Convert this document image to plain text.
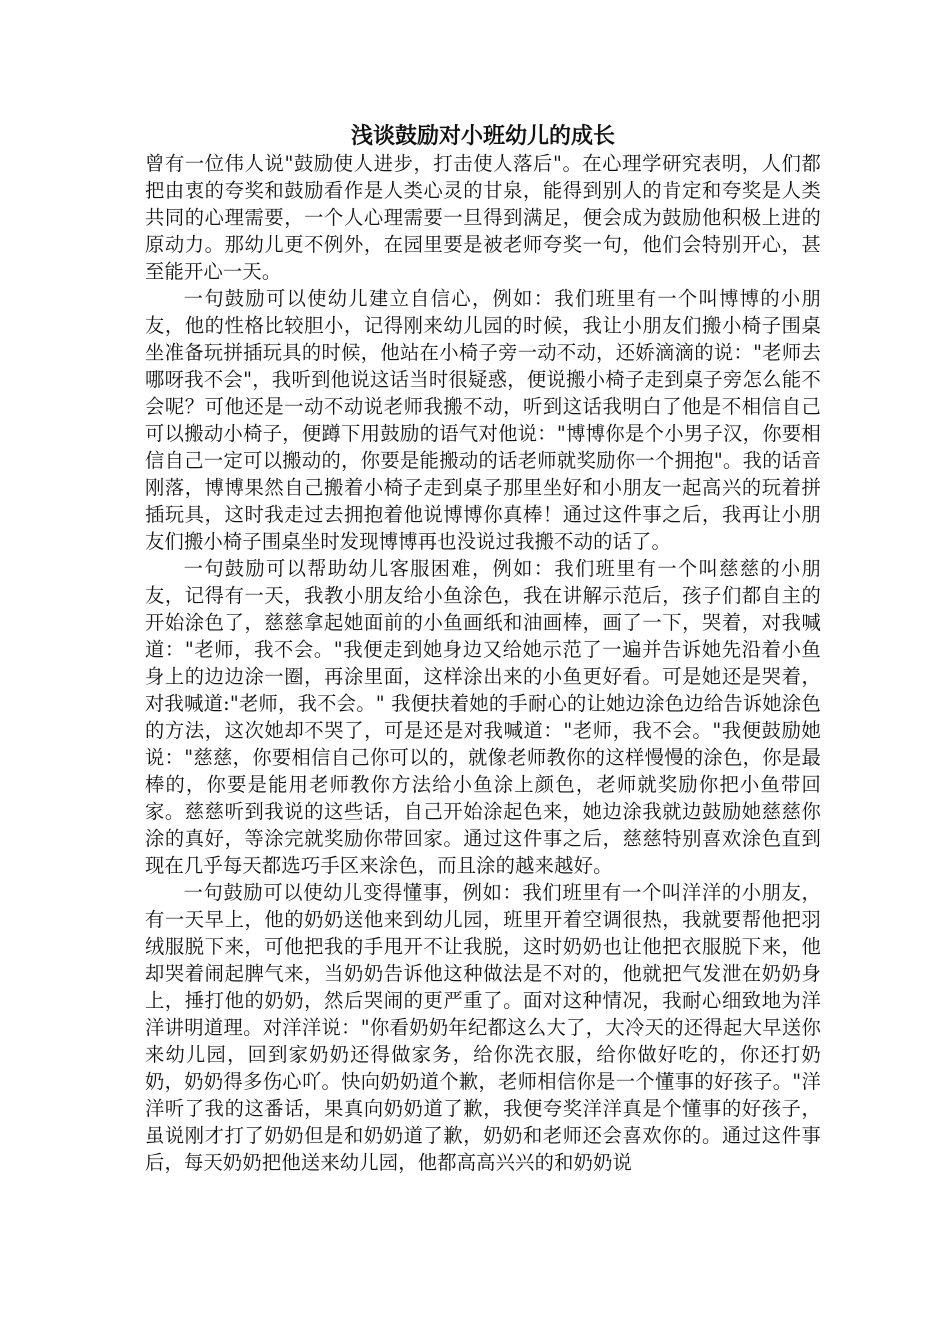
浅谈鼓励对小班幼儿的成长

曾有一位伟人说"鼓励使人进步，打击使人落后"。在心理学研究表明，人们都把由衷的夸奖和鼓励看作是人类心灵的甘泉，能得到别人的肯定和夸奖是人类共同的心理需要，一个人心理需要一旦得到满足，便会成为鼓励他积极上进的原动力。那幼儿更不例外，在园里要是被老师夸奖一句，他们会特别开心，甚至能开心一天。

一句鼓励可以使幼儿建立自信心，例如：我们班里有一个叫博博的小朋友，他的性格比较胆小，记得刚来幼儿园的时候，我让小朋友们搬小椅子围桌坐准备玩拼插玩具的时候，他站在小椅子旁一动不动，还娇滴滴的说："老师去哪呀我不会"，我听到他说这话当时很疑惑，便说搬小椅子走到桌子旁怎么能不会呢？可他还是一动不动说老师我搬不动，听到这话我明白了他是不相信自己可以搬动小椅子，便蹲下用鼓励的语气对他说："博博你是个小男子汉，你要相信自己一定可以搬动的，你要是能搬动的话老师就奖励你一个拥抱"。我的话音刚落，博博果然自己搬着小椅子走到桌子那里坐好和小朋友一起高兴的玩着拼插玩具，这时我走过去拥抱着他说博博你真棒！通过这件事之后，我再让小朋友们搬小椅子围桌坐时发现博博再也没说过我搬不动的话了。

一句鼓励可以帮助幼儿客服困难，例如：我们班里有一个叫慈慈的小朋友，记得有一天，我教小朋友给小鱼涂色，我在讲解示范后，孩子们都自主的开始涂色了，慈慈拿起她面前的小鱼画纸和油画棒，画了一下，哭着，对我喊道："老师，我不会。"我便走到她身边又给她示范了一遍并告诉她先沿着小鱼身上的边边涂一圈，再涂里面，这样涂出来的小鱼更好看。可是她还是哭着，对我喊道:"老师，我不会。" 我便扶着她的手耐心的让她边涂色边给告诉她涂色的方法，这次她却不哭了，可是还是对我喊道："老师，我不会。"我便鼓励她说："慈慈，你要相信自己你可以的，就像老师教你的这样慢慢的涂色，你是最棒的，你要是能用老师教你方法给小鱼涂上颜色，老师就奖励你把小鱼带回家。慈慈听到我说的这些话，自己开始涂起色来，她边涂我就边鼓励她慈慈你涂的真好，等涂完就奖励你带回家。通过这件事之后，慈慈特别喜欢涂色直到现在几乎每天都选巧手区来涂色，而且涂的越来越好。

一句鼓励可以使幼儿变得懂事，例如：我们班里有一个叫洋洋的小朋友，有一天早上，他的奶奶送他来到幼儿园，班里开着空调很热，我就要帮他把羽绒服脱下来，可他把我的手甩开不让我脱，这时奶奶也让他把衣服脱下来，他却哭着闹起脾气来，当奶奶告诉他这种做法是不对的，他就把气发泄在奶奶身上，捶打他的奶奶，然后哭闹的更严重了。面对这种情况，我耐心细致地为洋洋讲明道理。对洋洋说："你看奶奶年纪都这么大了，大冷天的还得起大早送你来幼儿园，回到家奶奶还得做家务，给你洗衣服，给你做好吃的，你还打奶奶，奶奶得多伤心吖。快向奶奶道个歉，老师相信你是一个懂事的好孩子。"洋洋听了我的这番话，果真向奶奶道了歉，我便夸奖洋洋真是个懂事的好孩子，虽说刚才打了奶奶但是和奶奶道了歉，奶奶和老师还会喜欢你的。通过这件事后，每天奶奶把他送来幼儿园，他都高高兴兴的和奶奶说
